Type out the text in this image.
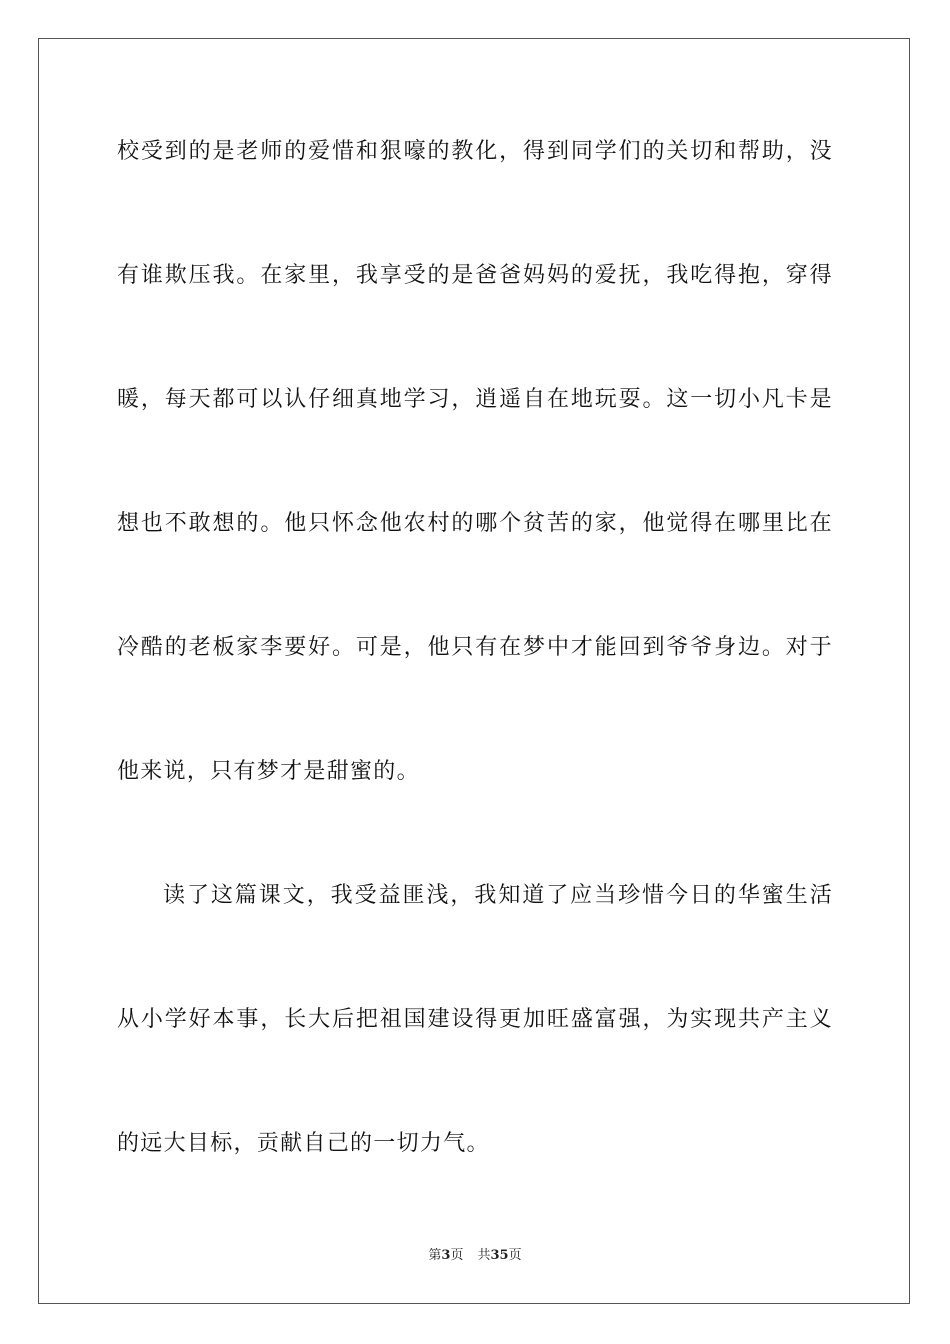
校受到的是老师的爱惜和狠嚎的教化，得到同学们的关切和帮助，没
有谁欺压我。在家里，我享受的是爸爸妈妈的爱抚，我吃得抱，穿得
暖，每天都可以认仔细真地学习，逍遥自在地玩耍。这一切小凡卡是
想也不敢想的。他只怀念他农村的哪个贫苦的家，他觉得在哪里比在
冷酷的老板家李要好。可是，他只有在梦中才能回到爷爷身边。对于
他来说，只有梦才是甜蜜的。
读了这篇课文，我受益匪浅，我知道了应当珍惜今日的华蜜生活
从小学好本事，长大后把祖国建设得更加旺盛富强，为实现共产主义
的远大目标，贡献自己的一切力气。
第3页 共35页
